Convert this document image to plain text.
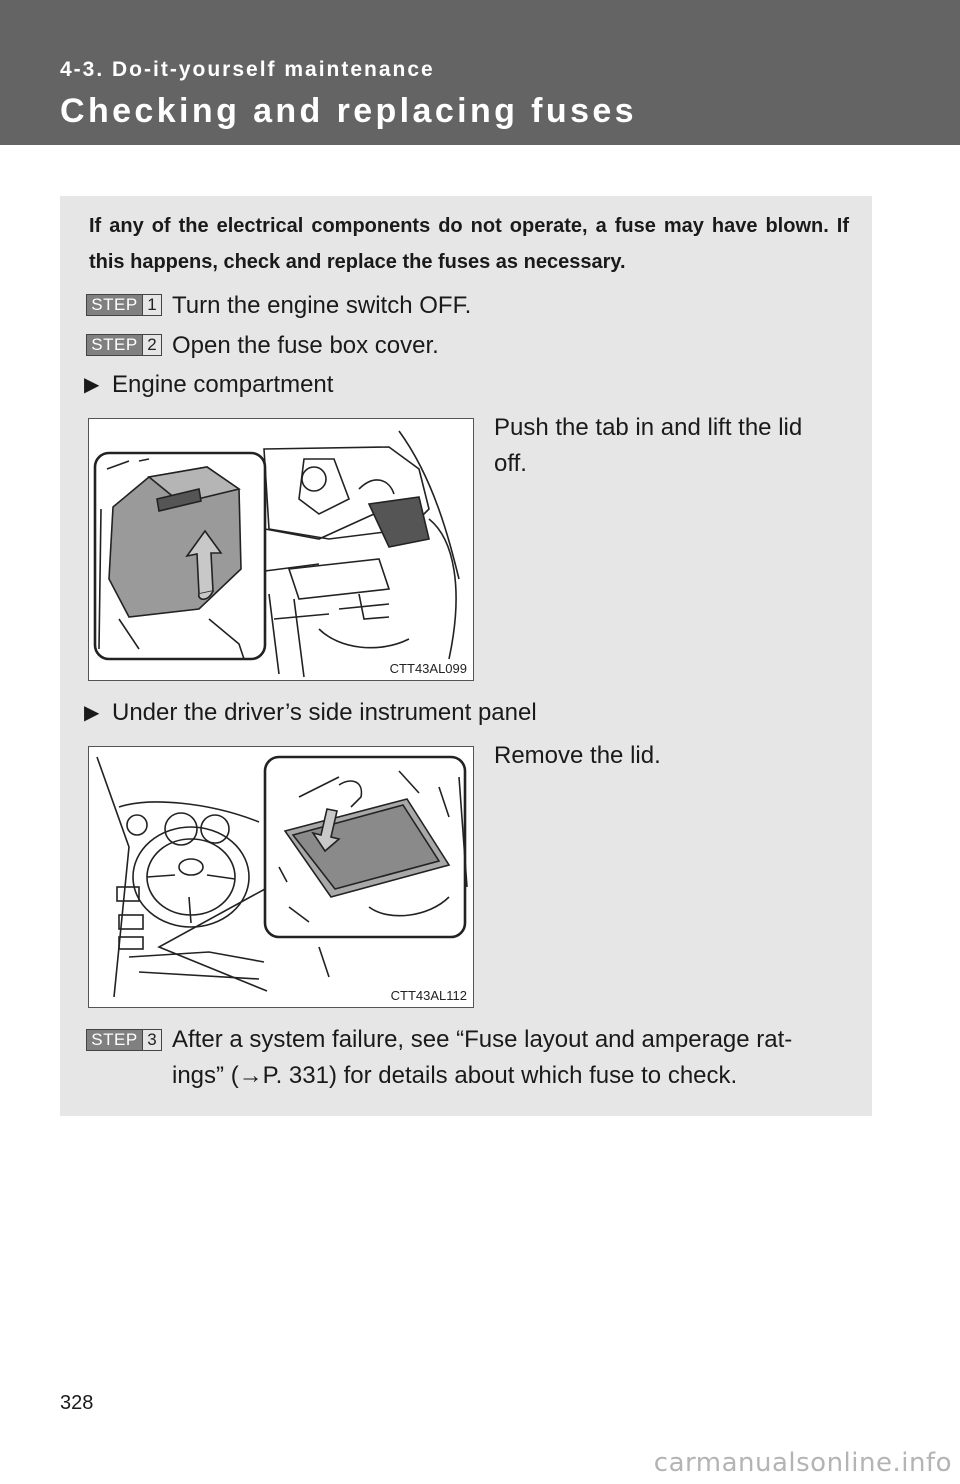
4-3. Do-it-yourself maintenance
Checking and replacing fuses
If any of the electrical components do not operate, a fuse may have blown. If this happens, check and replace the fuses as necessary.
STEP 1 Turn the engine switch OFF.
STEP 2 Open the fuse box cover.
▶ Engine compartment
Push the tab in and lift the lid
off.
CTT43AL099
▶ Under the driver’s side instrument panel
Remove the lid.
CTT43AL112
STEP 3 After a system failure, see “Fuse layout and amperage rat-
ings” (→P. 331) for details about which fuse to check.
328
carmanualsonline.info
